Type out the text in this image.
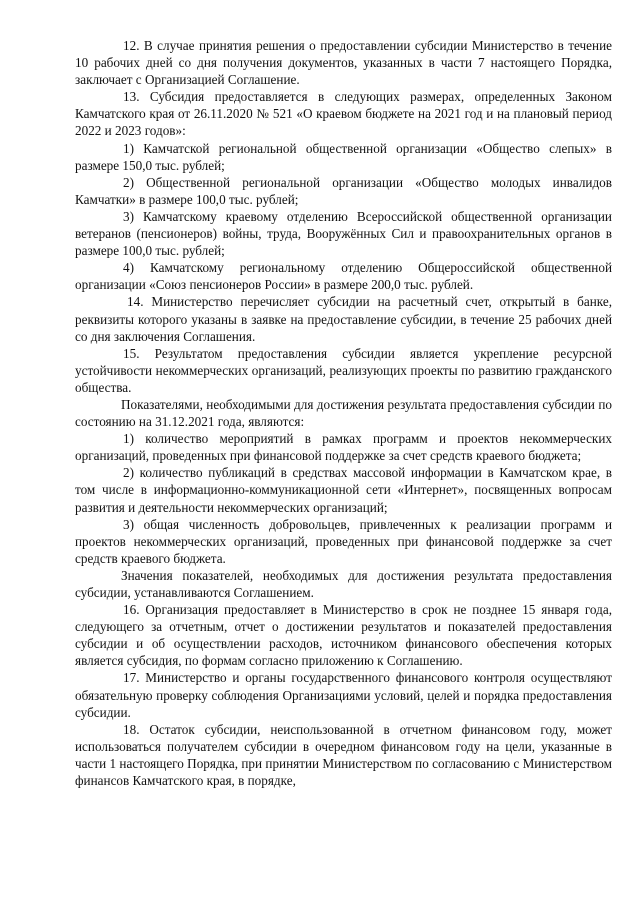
12. В случае принятия решения о предоставлении субсидии Министерство в течение 10 рабочих дней со дня получения документов, указанных в части 7 настоящего Порядка, заключает с Организацией Соглашение.

13. Субсидия предоставляется в следующих размерах, определенных Законом Камчатского края от 26.11.2020 № 521 «О краевом бюджете на 2021 год и на плановый период 2022 и 2023 годов»:

1) Камчатской региональной общественной организации «Общество слепых» в размере 150,0 тыс. рублей;

2) Общественной региональной организации «Общество молодых инвалидов Камчатки» в размере 100,0 тыс. рублей;

3) Камчатскому краевому отделению Всероссийской общественной организации ветеранов (пенсионеров) войны, труда, Вооружённых Сил и правоохранительных органов в размере 100,0 тыс. рублей;

4) Камчатскому региональному отделению Общероссийской общественной организации «Союз пенсионеров России» в размере 200,0 тыс. рублей.

14. Министерство перечисляет субсидии на расчетный счет, открытый в банке, реквизиты которого указаны в заявке на предоставление субсидии, в течение 25 рабочих дней со дня заключения Соглашения.

15. Результатом предоставления субсидии является укрепление ресурсной устойчивости некоммерческих организаций, реализующих проекты по развитию гражданского общества.

Показателями, необходимыми для достижения результата предоставления субсидии по состоянию на 31.12.2021 года, являются:

1) количество мероприятий в рамках программ и проектов некоммерческих организаций, проведенных при финансовой поддержке за счет средств краевого бюджета;

2) количество публикаций в средствах массовой информации в Камчатском крае, в том числе в информационно-коммуникационной сети «Интернет», посвященных вопросам развития и деятельности некоммерческих организаций;

3) общая численность добровольцев, привлеченных к реализации программ и проектов некоммерческих организаций, проведенных при финансовой поддержке за счет средств краевого бюджета.

Значения показателей, необходимых для достижения результата предоставления субсидии, устанавливаются Соглашением.

16. Организация предоставляет в Министерство в срок не позднее 15 января года, следующего за отчетным, отчет о достижении результатов и показателей предоставления субсидии и об осуществлении расходов, источником финансового обеспечения которых является субсидия, по формам согласно приложению к Соглашению.

17. Министерство и органы государственного финансового контроля осуществляют обязательную проверку соблюдения Организациями условий, целей и порядка предоставления субсидии.

18. Остаток субсидии, неиспользованной в отчетном финансовом году, может использоваться получателем субсидии в очередном финансовом году на цели, указанные в части 1 настоящего Порядка, при принятии Министерством по согласованию с Министерством финансов Камчатского края, в порядке,
